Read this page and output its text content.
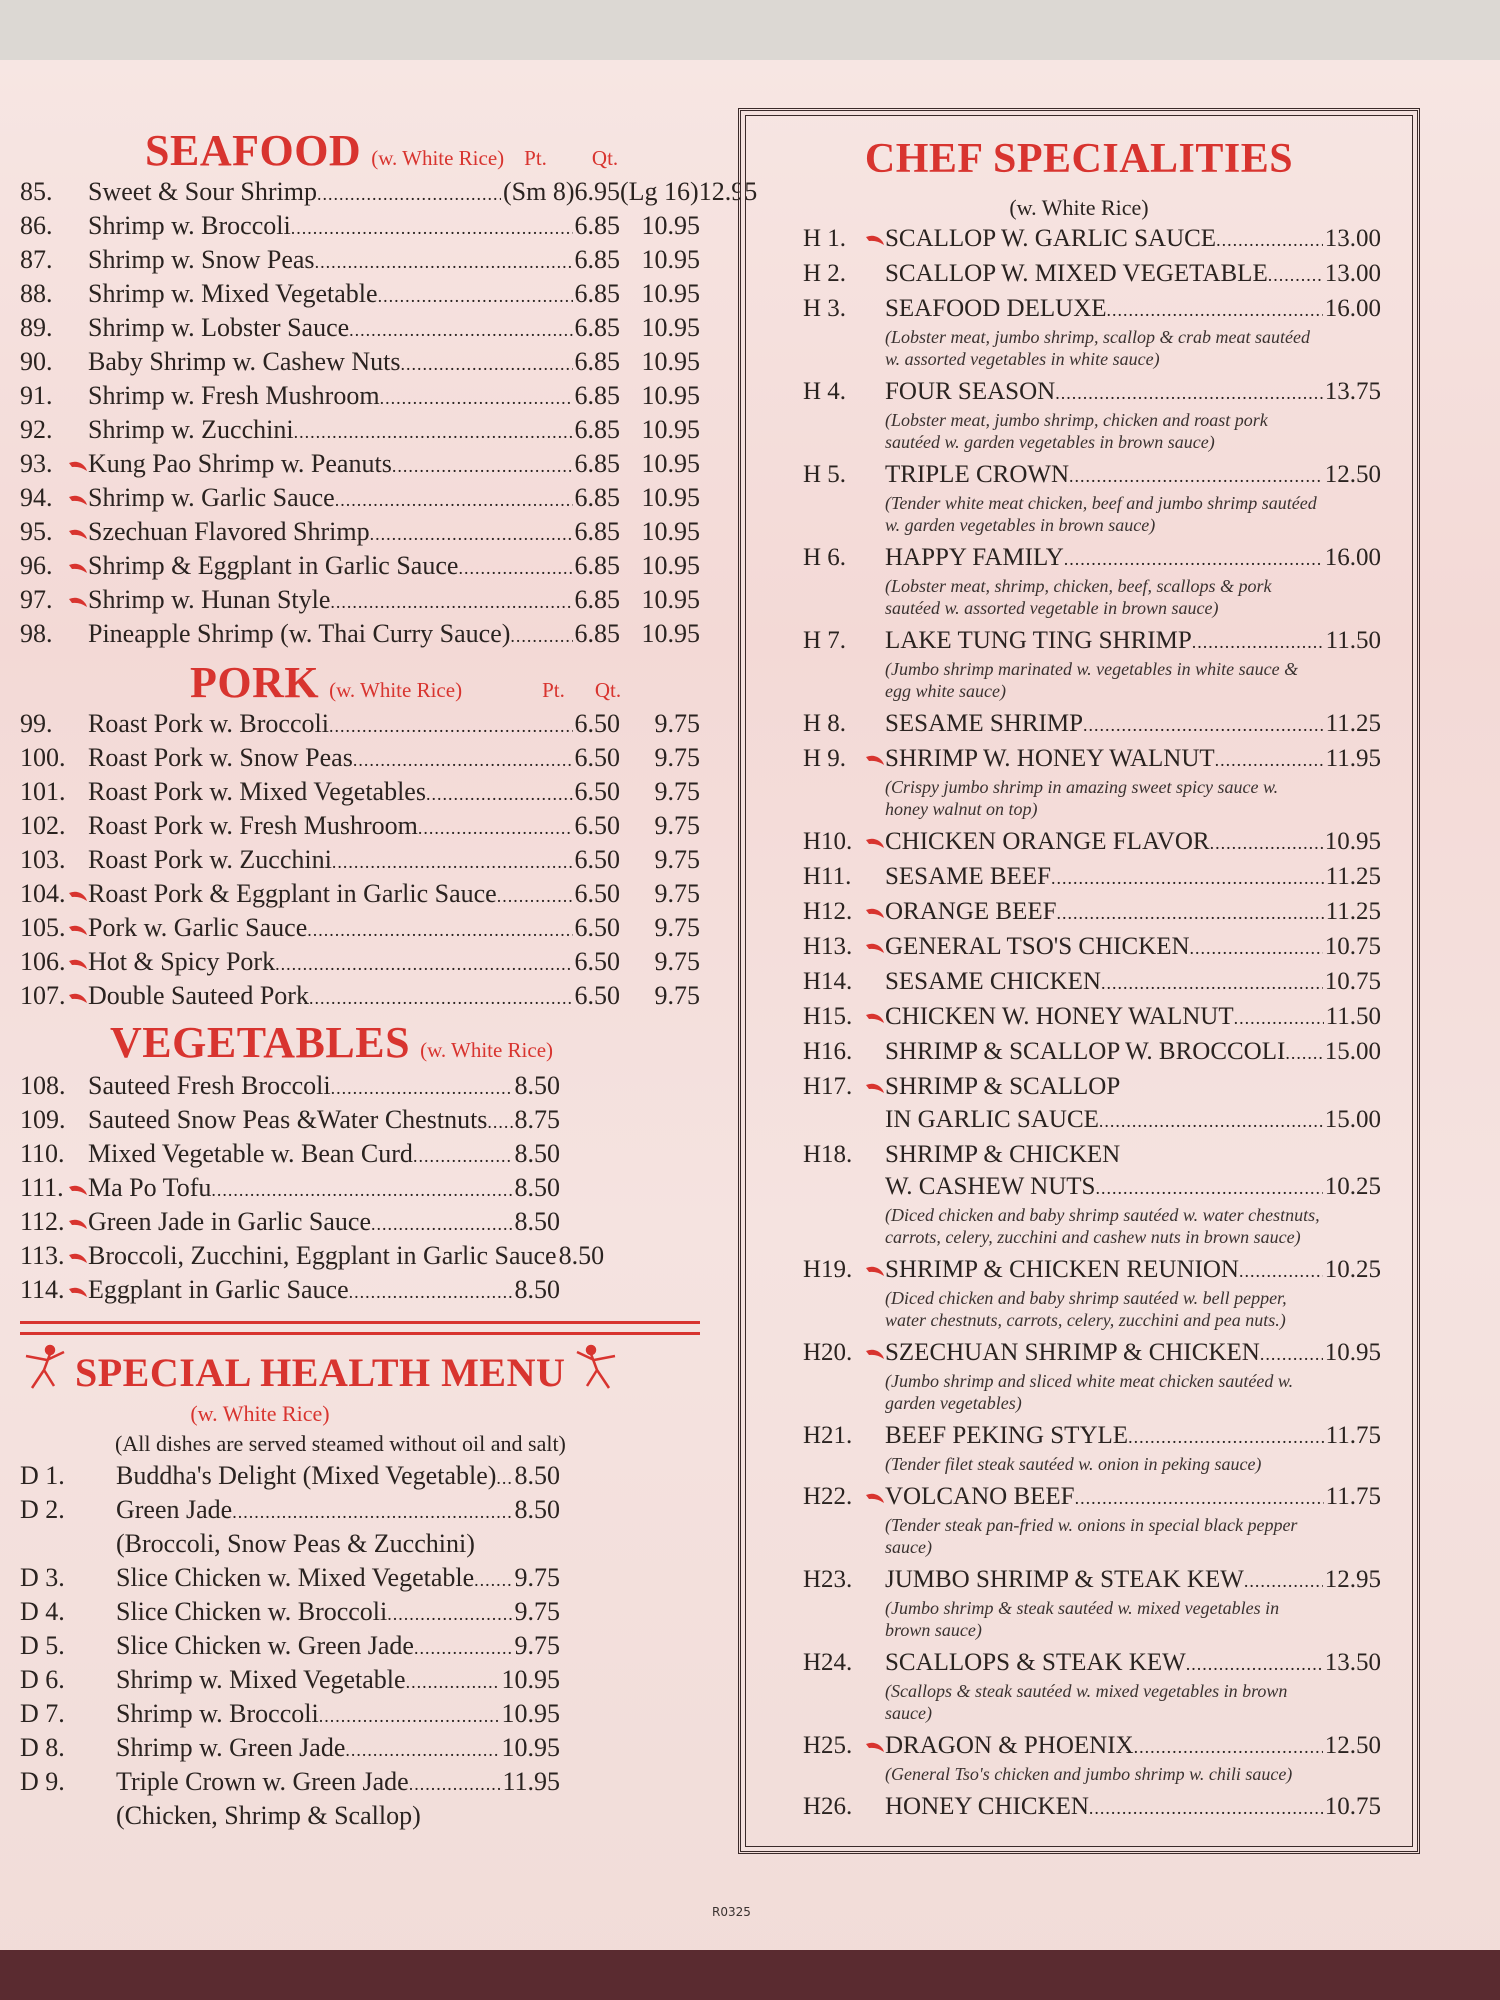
SEAFOOD (w. White Rice) Pt. Qt.
85.	Sweet & Sour Shrimp .....	(Sm 8)6.95 (Lg 16)12.95
86.	Shrimp w. Broccoli .....	6.85 10.95
87.	Shrimp w. Snow Peas .....	6.85 10.95
88.	Shrimp w. Mixed Vegetable .....	6.85 10.95
89.	Shrimp w. Lobster Sauce .....	6.85 10.95
90.	Baby Shrimp w. Cashew Nuts .....	6.85 10.95
91.	Shrimp w. Fresh Mushroom .....	6.85 10.95
92.	Shrimp w. Zucchini .....	6.85 10.95
93.	Kung Pao Shrimp w. Peanuts .....	6.85 10.95
94.	Shrimp w. Garlic Sauce .....	6.85 10.95
95.	Szechuan Flavored Shrimp .....	6.85 10.95
96.	Shrimp & Eggplant in Garlic Sauce .....	6.85 10.95
97.	Shrimp w. Hunan Style .....	6.85 10.95
98.	Pineapple Shrimp (w. Thai Curry Sauce) ..... 6.85 10.95
PORK (w. White Rice)	Pt. Qt.
99.	Roast Pork w. Broccoli .....	6.50	9.75
100. Roast Pork w. Snow Peas .....	6.50	9.75
101. Roast Pork w. Mixed Vegetables .....	6.50	9.75
102. Roast Pork w. Fresh Mushroom .....	6.50	9.75
103. Roast Pork w. Zucchini .....	6.50	9.75
104. Roast Pork & Eggplant in Garlic Sauce .....	6.50	9.75
105. Pork w. Garlic Sauce .....	6.50	9.75
106. Hot & Spicy Pork .....	6.50	9.75
107. Double Sauteed Pork .....	6.50	9.75
VEGETABLES (w. White Rice)
108. Sauteed Fresh Broccoli .....	8.50
109. Sauteed Snow Peas &Water Chestnuts ..... 8.75
110. Mixed Vegetable w. Bean Curd .....	8.50
111. Ma Po Tofu .....	8.50
112. Green Jade in Garlic Sauce .....	8.50
113. Broccoli, Zucchini, Eggplant in Garlic Sauce 8.50
114. Eggplant in Garlic Sauce .....	8.50
SPECIAL HEALTH MENU
(w. White Rice)
(All dishes are served steamed without oil and salt)
D 1.	Buddha's Delight (Mixed Vegetable) ..... 8.50
D 2.	Green Jade .....	8.50
(Broccoli, Snow Peas & Zucchini)
D 3.	Slice Chicken w. Mixed Vegetable ..... 9.75
D 4.	Slice Chicken w. Broccoli .....	9.75
D 5.	Slice Chicken w. Green Jade .....	9.75
D 6.	Shrimp w. Mixed Vegetable .....	10.95
D 7.	Shrimp w. Broccoli .....	10.95
D 8.	Shrimp w. Green Jade .....	10.95
D 9.	Triple Crown w. Green Jade .....	11.95
(Chicken, Shrimp & Scallop)
CHEF SPECIALITIES
(w. White Rice)
H 1.	SCALLOP W. GARLIC SAUCE .....	13.00
H 2.	SCALLOP W. MIXED VEGETABLE ..... 13.00
H 3.	SEAFOOD DELUXE .....	16.00
(Lobster meat, jumbo shrimp, scallop & crab meat sautéed w. assorted vegetables in white sauce)
H 4.	FOUR SEASON .....	13.75
(Lobster meat, jumbo shrimp, chicken and roast pork sautéed w. garden vegetables in brown sauce)
H 5.	TRIPLE CROWN .....	12.50
(Tender white meat chicken, beef and jumbo shrimp sautéed w. garden vegetables in brown sauce)
H 6.	HAPPY FAMILY .....	16.00
(Lobster meat, shrimp, chicken, beef, scallops & pork sautéed w. assorted vegetable in brown sauce)
H 7.	LAKE TUNG TING SHRIMP .....	11.50
(Jumbo shrimp marinated w. vegetables in white sauce & egg white sauce)
H 8.	SESAME SHRIMP .....	11.25
H 9.	SHRIMP W. HONEY WALNUT .....	11.95
(Crispy jumbo shrimp in amazing sweet spicy sauce w. honey walnut on top)
H10.	CHICKEN ORANGE FLAVOR .....	10.95
H11.	SESAME BEEF .....	11.25
H12.	ORANGE BEEF .....	11.25
H13.	GENERAL TSO'S CHICKEN .....	10.75
H14.	SESAME CHICKEN .....	10.75
H15.	CHICKEN W. HONEY WALNUT .....	11.50
H16.	SHRIMP & SCALLOP W. BROCCOLI ..... 15.00
H17.	SHRIMP & SCALLOP
IN GARLIC SAUCE .....	15.00
H18.	SHRIMP & CHICKEN
W. CASHEW NUTS .....	10.25
(Diced chicken and baby shrimp sautéed w. water chestnuts, carrots, celery, zucchini and cashew nuts in brown sauce)
H19.	SHRIMP & CHICKEN REUNION .....	10.25
(Diced chicken and baby shrimp sautéed w. bell pepper, water chestnuts, carrots, celery, zucchini and pea nuts.)
H20.	SZECHUAN SHRIMP & CHICKEN .....	10.95
(Jumbo shrimp and sliced white meat chicken sautéed w. garden vegetables)
H21.	BEEF PEKING STYLE .....	11.75
(Tender filet steak sautéed w. onion in peking sauce)
H22.	VOLCANO BEEF .....	11.75
(Tender steak pan-fried w. onions in special black pepper sauce)
H23.	JUMBO SHRIMP & STEAK KEW .....	12.95
(Jumbo shrimp & steak sautéed w. mixed vegetables in brown sauce)
H24.	SCALLOPS & STEAK KEW .....	13.50
(Scallops & steak sautéed w. mixed vegetables in brown sauce)
H25.	DRAGON & PHOENIX .....	12.50
(General Tso's chicken and jumbo shrimp w. chili sauce)
H26.	HONEY CHICKEN .....	10.75
R0325
